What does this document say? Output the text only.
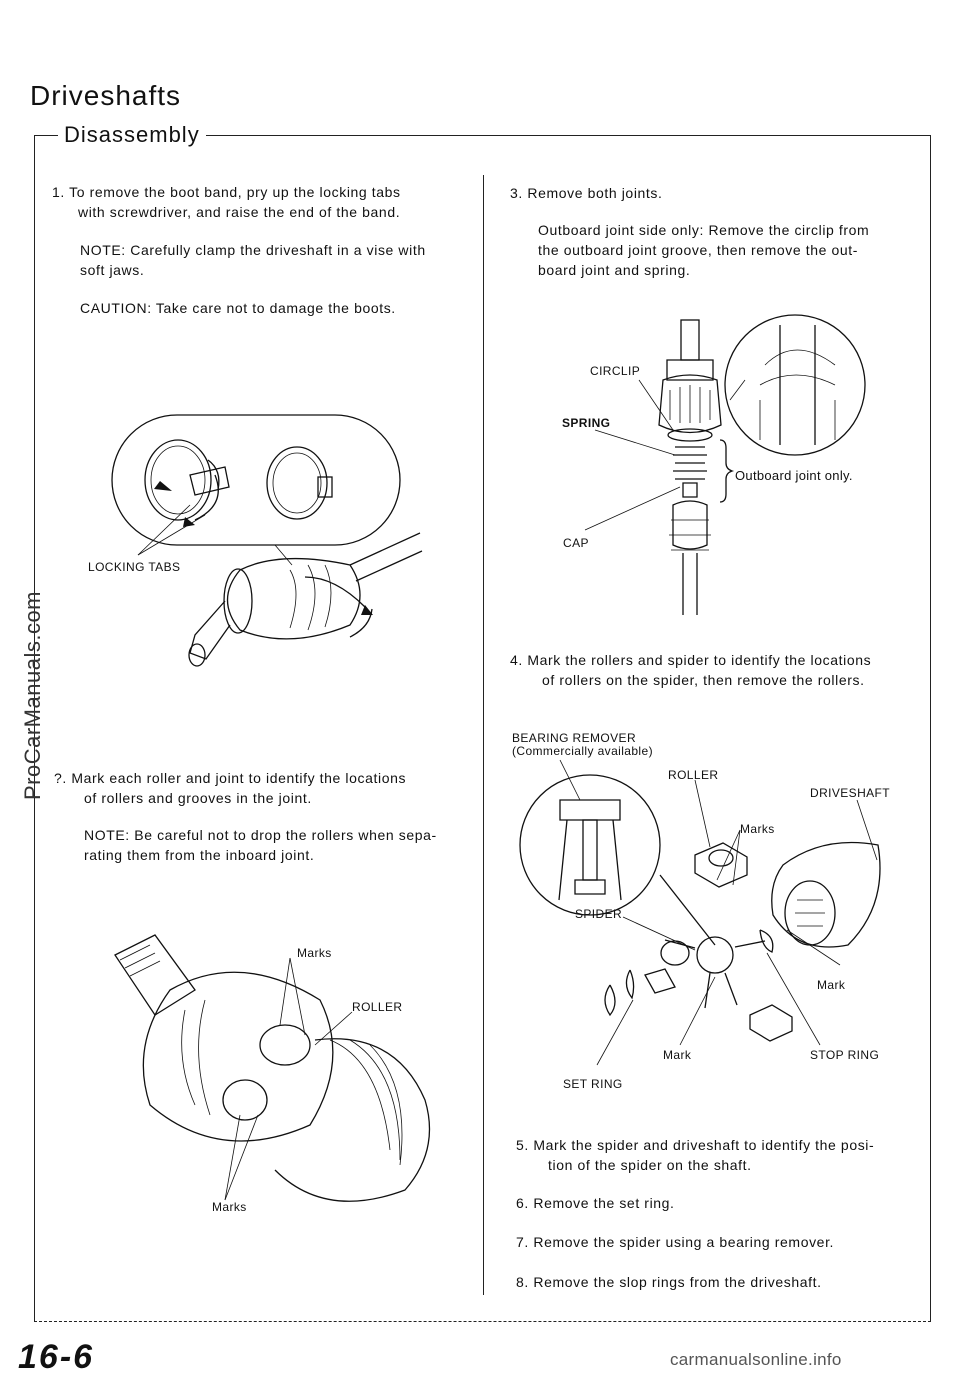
Driveshafts
Disassembly
1. To remove the boot band, pry up the locking tabs
with screwdriver, and raise the end of the band.
NOTE: Carefully clamp the driveshaft in a vise with
soft jaws.
CAUTION: Take care not to damage the boots.
LOCKING TABS
?. Mark each roller and joint to identify the locations
of rollers and grooves in the joint.
NOTE: Be careful not to drop the rollers when sepa-
rating them from the inboard joint.
Marks
ROLLER
Marks
3. Remove both joints.
Outboard joint side only: Remove the circlip from
the outboard joint groove, then remove the out-
board joint and spring.
CIRCLIP
SPRING
CAP
Outboard joint only.
4. Mark the rollers and spider to identify the locations
of rollers on the spider, then remove the rollers.
BEARING REMOVER
(Commercially available)
ROLLER
DRIVESHAFT
Marks
SPIDER
Mark
Mark	STOP RING
SET RING
5. Mark the spider and driveshaft to identify the posi-
tion of the spider on the shaft.
6. Remove the set ring.
7. Remove the spider using a bearing remover.
8. Remove the slop rings from the driveshaft.
16-6
ProCarManuals.com
carmanualsonline.info
